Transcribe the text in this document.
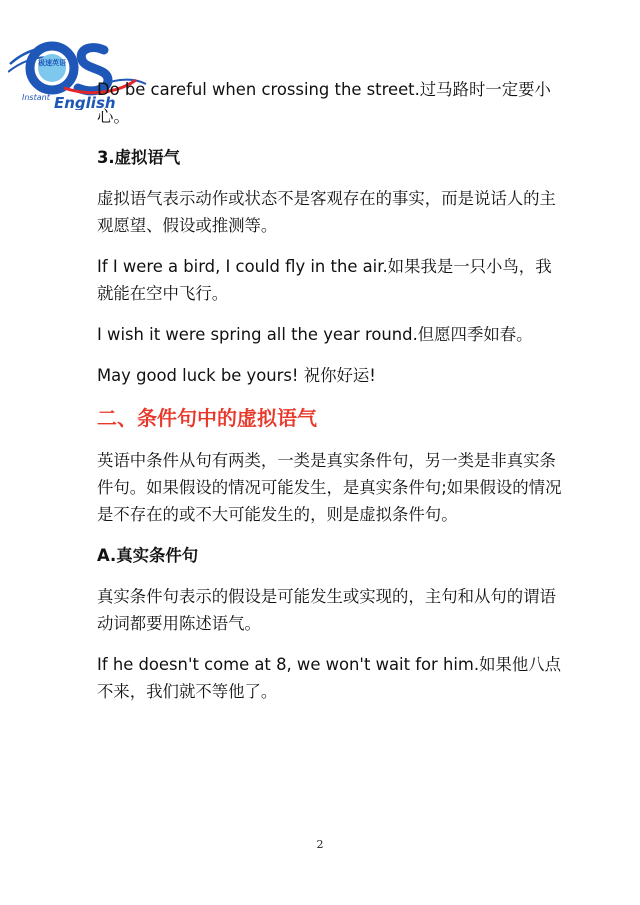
极速英语
Instant English

Do be careful when crossing the street.过马路时一定要小心。

3.虚拟语气

虚拟语气表示动作或状态不是客观存在的事实，而是说话人的主观愿望、假设或推测等。

If I were a bird, I could fly in the air.如果我是一只小鸟，我就能在空中飞行。

I wish it were spring all the year round.但愿四季如春。

May good luck be yours! 祝你好运!

二、条件句中的虚拟语气

英语中条件从句有两类，一类是真实条件句，另一类是非真实条件句。如果假设的情况可能发生，是真实条件句;如果假设的情况是不存在的或不大可能发生的，则是虚拟条件句。

A.真实条件句

真实条件句表示的假设是可能发生或实现的，主句和从句的谓语动词都要用陈述语气。

If he doesn't come at 8, we won't wait for him.如果他八点不来，我们就不等他了。

2
